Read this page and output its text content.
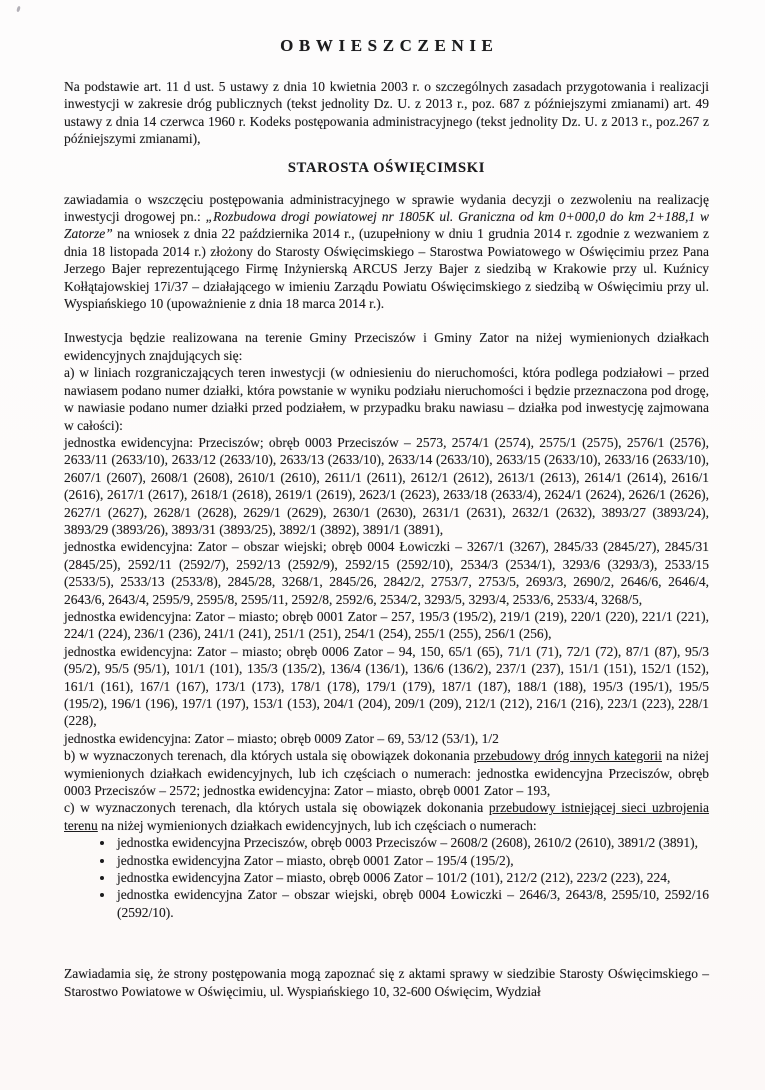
OBWIESZCZENIE

Na podstawie art. 11 d ust. 5 ustawy z dnia 10 kwietnia 2003 r. o szczególnych zasadach przygotowania i realizacji inwestycji w zakresie dróg publicznych (tekst jednolity Dz. U. z 2013 r., poz. 687 z późniejszymi zmianami) art. 49 ustawy z dnia 14 czerwca 1960 r. Kodeks postępowania administracyjnego (tekst jednolity Dz. U. z 2013 r., poz.267 z późniejszymi zmianami),

STAROSTA OŚWIĘCIMSKI

zawiadamia o wszczęciu postępowania administracyjnego w sprawie wydania decyzji o zezwoleniu na realizację inwestycji drogowej pn.: „Rozbudowa drogi powiatowej nr 1805K ul. Graniczna od km 0+000,0 do km 2+188,1 w Zatorze” na wniosek z dnia 22 października 2014 r., (uzupełniony w dniu 1 grudnia 2014 r. zgodnie z wezwaniem z dnia 18 listopada 2014 r.) złożony do Starosty Oświęcimskiego – Starostwa Powiatowego w Oświęcimiu przez Pana Jerzego Bajer reprezentującego Firmę Inżynierską ARCUS Jerzy Bajer z siedzibą w Krakowie przy ul. Kuźnicy Kołłątajowskiej 17i/37 – działającego w imieniu Zarządu Powiatu Oświęcimskiego z siedzibą w Oświęcimiu przy ul. Wyspiańskiego 10 (upoważnienie z dnia 18 marca 2014 r.).

Inwestycja będzie realizowana na terenie Gminy Przeciszów i Gminy Zator na niżej wymienionych działkach ewidencyjnych znajdujących się:

a) w liniach rozgraniczających teren inwestycji (w odniesieniu do nieruchomości, która podlega podziałowi – przed nawiasem podano numer działki, która powstanie w wyniku podziału nieruchomości i będzie przeznaczona pod drogę, w nawiasie podano numer działki przed podziałem, w przypadku braku nawiasu – działka pod inwestycję zajmowana w całości):

jednostka ewidencyjna: Przeciszów; obręb 0003 Przeciszów – 2573, 2574/1 (2574), 2575/1 (2575), 2576/1 (2576), 2633/11 (2633/10), 2633/12 (2633/10), 2633/13 (2633/10), 2633/14 (2633/10), 2633/15 (2633/10), 2633/16 (2633/10), 2607/1 (2607), 2608/1 (2608), 2610/1 (2610), 2611/1 (2611), 2612/1 (2612), 2613/1 (2613), 2614/1 (2614), 2616/1 (2616), 2617/1 (2617), 2618/1 (2618), 2619/1 (2619), 2623/1 (2623), 2633/18 (2633/4), 2624/1 (2624), 2626/1 (2626), 2627/1 (2627), 2628/1 (2628), 2629/1 (2629), 2630/1 (2630), 2631/1 (2631), 2632/1 (2632), 3893/27 (3893/24), 3893/29 (3893/26), 3893/31 (3893/25), 3892/1 (3892), 3891/1 (3891),

jednostka ewidencyjna: Zator – obszar wiejski; obręb 0004 Łowiczki – 3267/1 (3267), 2845/33 (2845/27), 2845/31 (2845/25), 2592/11 (2592/7), 2592/13 (2592/9), 2592/15 (2592/10), 2534/3 (2534/1), 3293/6 (3293/3), 2533/15 (2533/5), 2533/13 (2533/8), 2845/28, 3268/1, 2845/26, 2842/2, 2753/7, 2753/5, 2693/3, 2690/2, 2646/6, 2646/4, 2643/6, 2643/4, 2595/9, 2595/8, 2595/11, 2592/8, 2592/6, 2534/2, 3293/5, 3293/4, 2533/6, 2533/4, 3268/5,

jednostka ewidencyjna: Zator – miasto; obręb 0001 Zator – 257, 195/3 (195/2), 219/1 (219), 220/1 (220), 221/1 (221), 224/1 (224), 236/1 (236), 241/1 (241), 251/1 (251), 254/1 (254), 255/1 (255), 256/1 (256),

jednostka ewidencyjna: Zator – miasto; obręb 0006 Zator – 94, 150, 65/1 (65), 71/1 (71), 72/1 (72), 87/1 (87), 95/3 (95/2), 95/5 (95/1), 101/1 (101), 135/3 (135/2), 136/4 (136/1), 136/6 (136/2), 237/1 (237), 151/1 (151), 152/1 (152), 161/1 (161), 167/1 (167), 173/1 (173), 178/1 (178), 179/1 (179), 187/1 (187), 188/1 (188), 195/3 (195/1), 195/5 (195/2), 196/1 (196), 197/1 (197), 153/1 (153), 204/1 (204), 209/1 (209), 212/1 (212), 216/1 (216), 223/1 (223), 228/1 (228),

jednostka ewidencyjna: Zator – miasto; obręb 0009 Zator – 69, 53/12 (53/1), 1/2

b) w wyznaczonych terenach, dla których ustala się obowiązek dokonania przebudowy dróg innych kategorii na niżej wymienionych działkach ewidencyjnych, lub ich częściach o numerach: jednostka ewidencyjna Przeciszów, obręb 0003 Przeciszów – 2572; jednostka ewidencyjna: Zator – miasto, obręb 0001 Zator – 193,

c) w wyznaczonych terenach, dla których ustala się obowiązek dokonania przebudowy istniejącej sieci uzbrojenia terenu na niżej wymienionych działkach ewidencyjnych, lub ich częściach o numerach:

• jednostka ewidencyjna Przeciszów, obręb 0003 Przeciszów – 2608/2 (2608), 2610/2 (2610), 3891/2 (3891),
• jednostka ewidencyjna Zator – miasto, obręb 0001 Zator – 195/4 (195/2),
• jednostka ewidencyjna Zator – miasto, obręb 0006 Zator – 101/2 (101), 212/2 (212), 223/2 (223), 224,
• jednostka ewidencyjna Zator – obszar wiejski, obręb 0004 Łowiczki – 2646/3, 2643/8, 2595/10, 2592/16 (2592/10).

Zawiadamia się, że strony postępowania mogą zapoznać się z aktami sprawy w siedzibie Starosty Oświęcimskiego – Starostwo Powiatowe w Oświęcimiu, ul. Wyspiańskiego 10, 32-600 Oświęcim, Wydział
